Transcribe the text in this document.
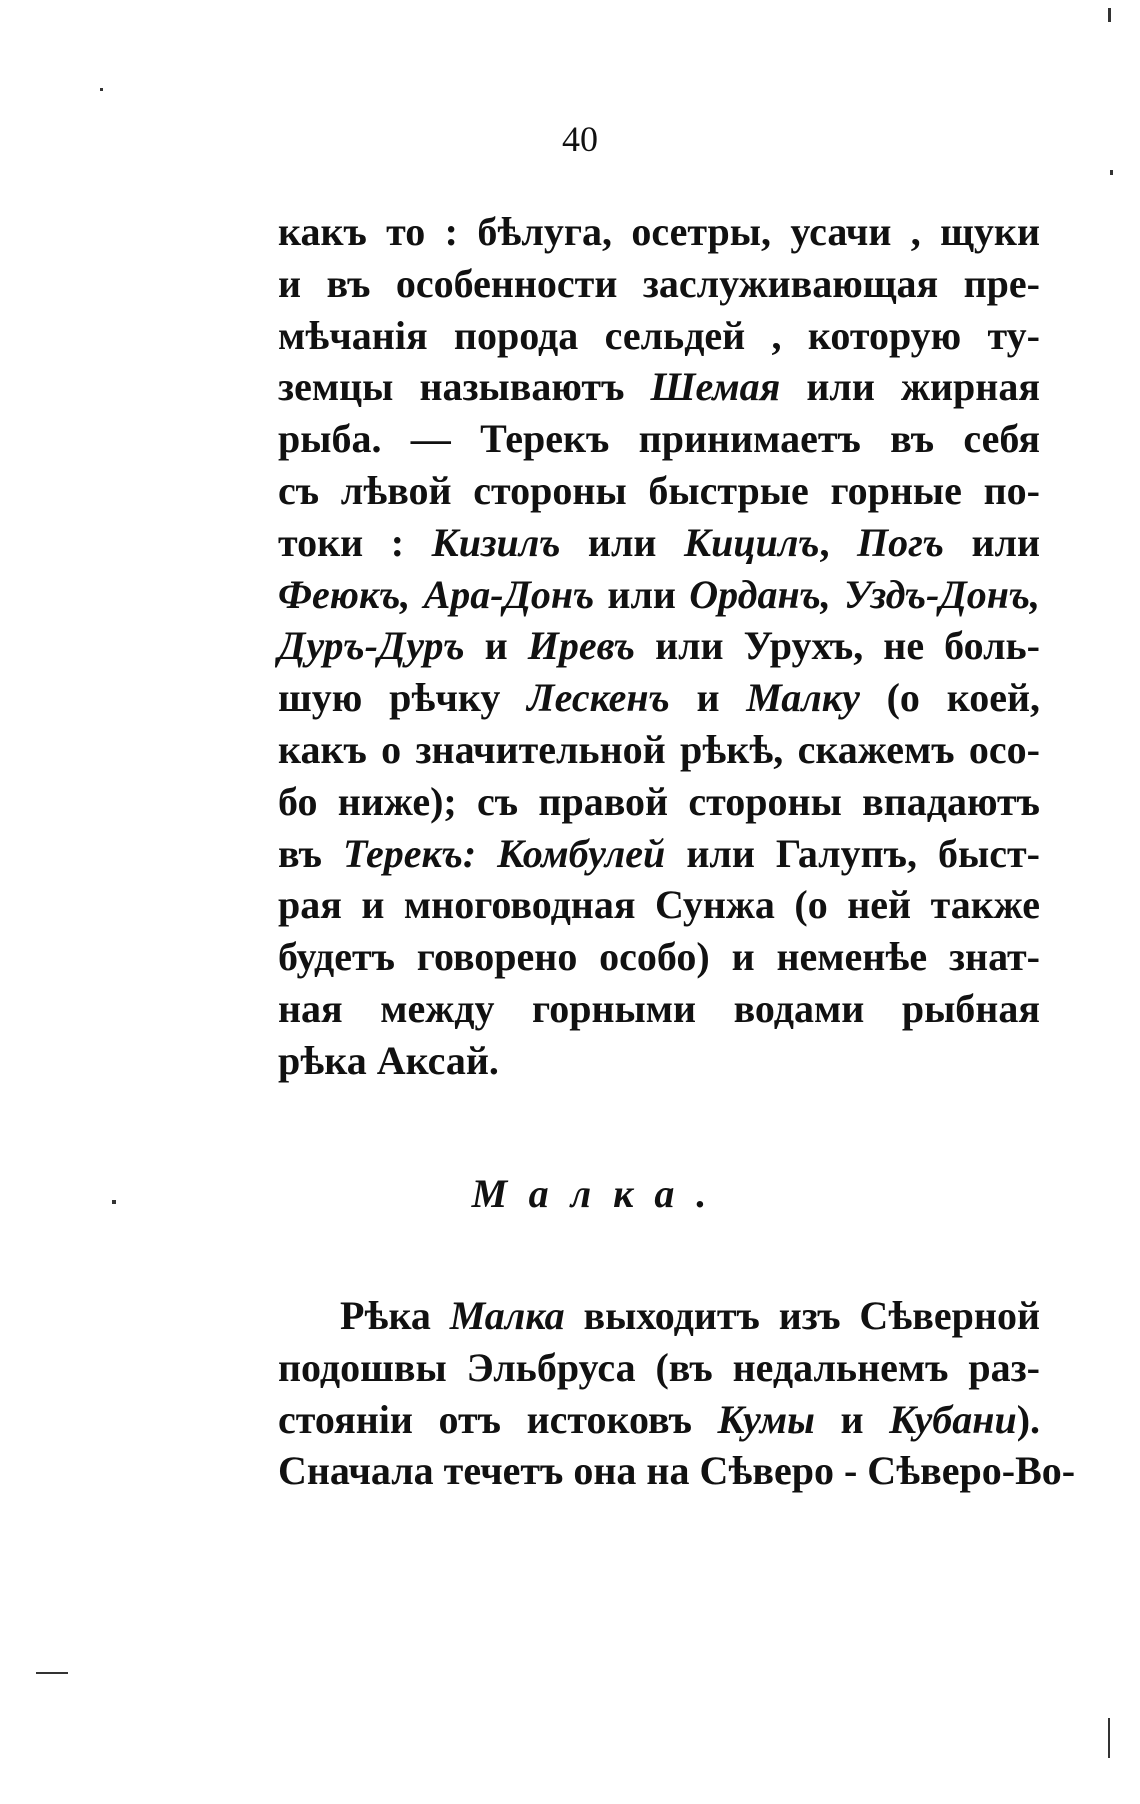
40
какъ то : бѣлуга, осетры, усачи , щуки
и въ особенности заслуживающая пре-
мѣчанія порода сельдей , которую ту-
земцы называютъ Шемая или жирная
рыба. — Терекъ принимаетъ въ себя
съ лѣвой стороны быстрые горные по-
токи : Кизилъ или Кицилъ, Погъ или
Феюкъ, Ара-Донъ или Орданъ, Уздъ-Донъ,
Дуръ-Дуръ и Иревъ или Урухъ, не боль-
шую рѣчку Лескенъ и Малку (о коей,
какъ о значительной рѣкѣ, скажемъ осо-
бо ниже); съ правой стороны впадаютъ
въ Терекъ: Комбулей или Галупъ, быст-
рая и многоводная Сунжа (о ней также
будетъ говорено особо) и неменѣе знат-
ная между горными водами рыбная
рѣка Аксай.
Малка.
Рѣка Малка выходитъ изъ Сѣверной
подошвы Эльбруса (въ недальнемъ раз-
стояніи отъ истоковъ Кумы и Кубани).
Сначала течетъ она на Сѣверо - Сѣверо-Во-
